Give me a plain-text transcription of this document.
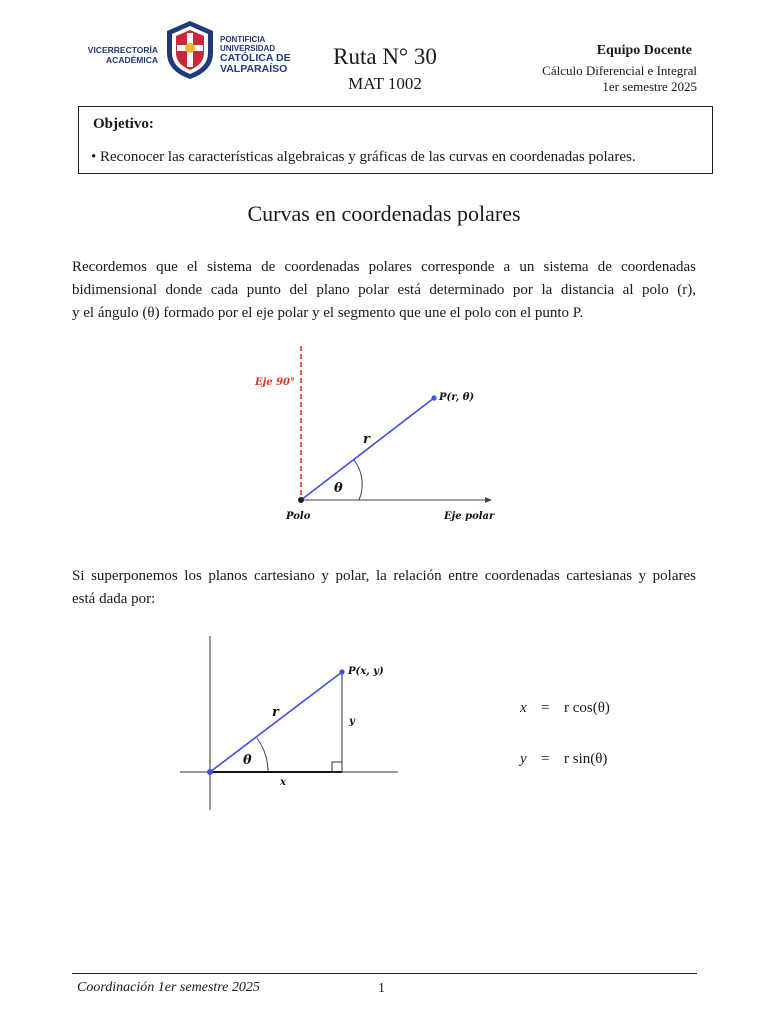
VICERRECTORÍA
ACADÉMICA
PONTIFICIA
UNIVERSIDAD
CATÓLICA DE
VALPARAÍSO	Ruta N° 30
MAT 1002
Equipo Docente
Cálculo Diferencial e Integral
1er semestre 2025
Objetivo:
• Reconocer las características algebraicas y gráficas de las curvas en coordenadas polares.
Curvas en coordenadas polares
Recordemos que el sistema de coordenadas polares corresponde a un sistema de coordenadas
bidimensional donde cada punto del plano polar está determinado por la distancia al polo (r),
y el ángulo (θ) formado por el eje polar y el segmento que une el polo con el punto P.
Eje 90°
P(r, θ)
r
θ
Polo	Eje polar
Si superponemos los planos cartesiano y polar, la relación entre coordenadas cartesianas y polares
está dada por:
P(x, y)
r
θ
y
x
x = r cos(θ)
y = r sin(θ)
Coordinación 1er semestre 2025	1
